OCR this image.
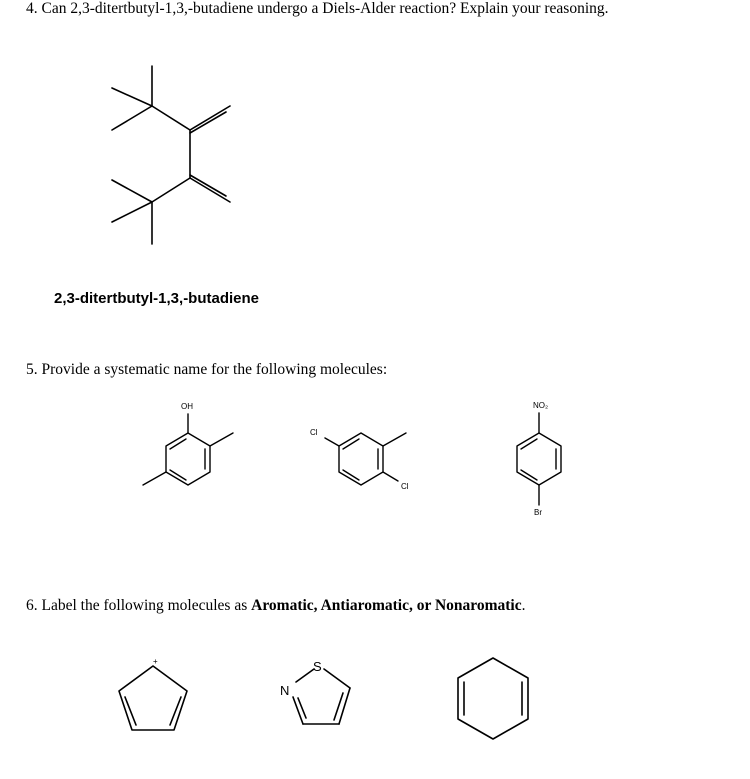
4. Can 2,3-ditertbutyl-1,3,-butadiene undergo a Diels-Alder reaction? Explain your reasoning.
OH
Cl
Cl
NO₂
Br
+	S
N
2,3-ditertbutyl-1,3,-butadiene
5. Provide a systematic name for the following molecules:
6. Label the following molecules as Aromatic, Antiaromatic, or Nonaromatic.
